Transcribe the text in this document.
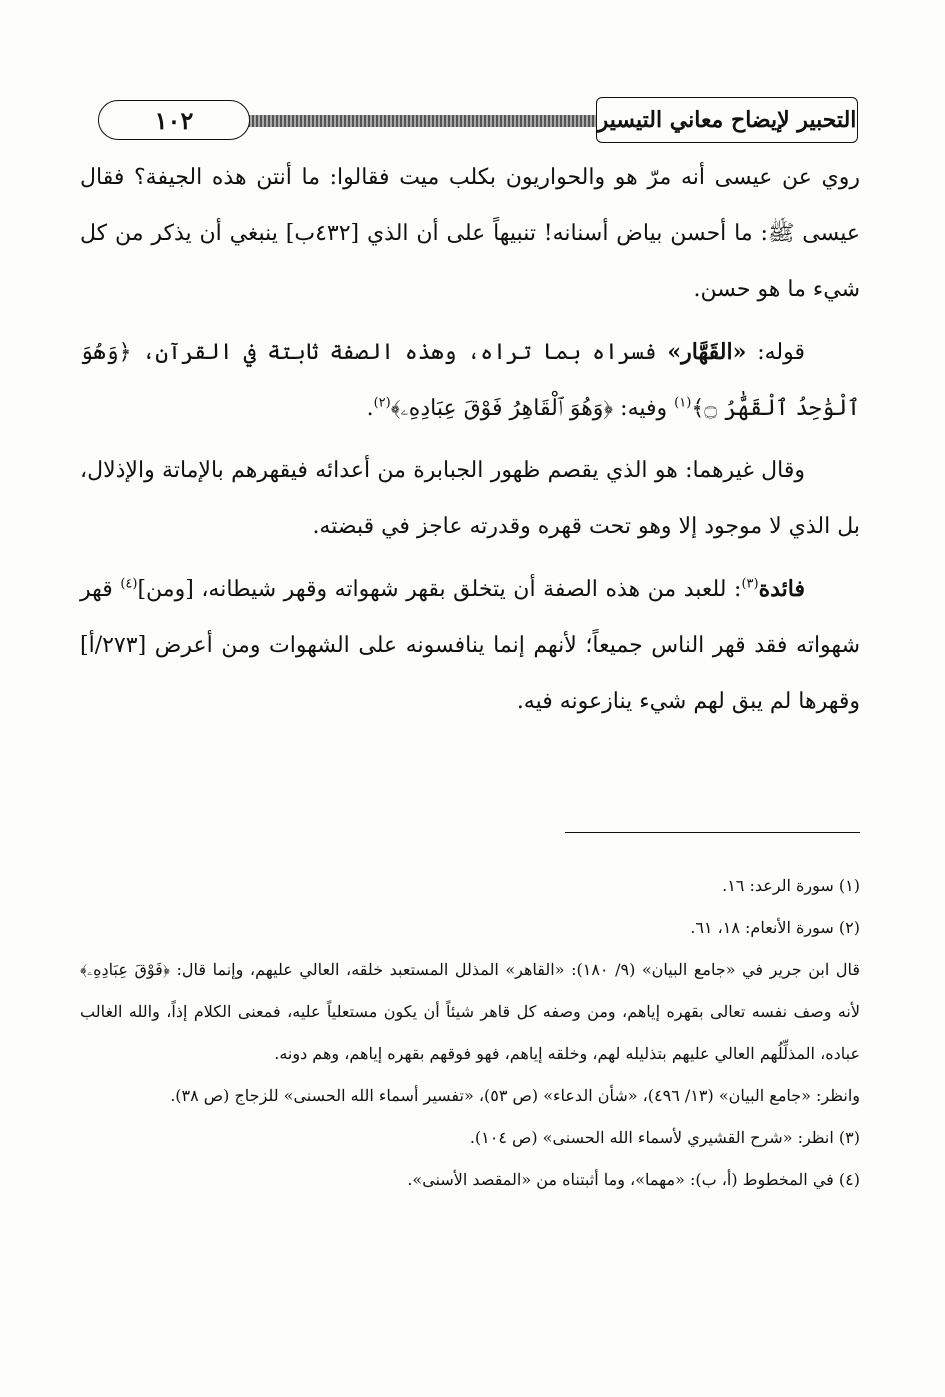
١٠٢	التحبير لإيضاح معاني التيسير

روي عن عيسى أنه مرّ هو والحواريون بكلب ميت فقالوا: ما أنتن هذه الجيفة؟ فقال عيسى ﷺ: ما أحسن بياض أسنانه! تنبيهاً على أن الذي [٤٣٢ب] ينبغي أن يذكر من كل شيء ما هو حسن.

قوله: «القَهَّار» فسراه بما تراه، وهذه الصفة ثابتة في القرآن، ﴿وَهُوَ ٱلْوَٰحِدُ ٱلْقَهَّٰرُ ۝﴾$^{(١)}$ وفيه: ﴿وَهُوَ ٱلْقَاهِرُ فَوْقَ عِبَادِهِۦ﴾$^{(٢)}$.

وقال غيرهما: هو الذي يقصم ظهور الجبابرة من أعدائه فيقهرهم بالإماتة والإذلال، بل الذي لا موجود إلا وهو تحت قهره وقدرته عاجز في قبضته.

فائدة$^{(٣)}$: للعبد من هذه الصفة أن يتخلق بقهر شهواته وقهر شيطانه، [ومن]$^{(٤)}$ قهر شهواته فقد قهر الناس جميعاً؛ لأنهم إنما ينافسونه على الشهوات ومن أعرض [٢٧٣/أ] وقهرها لم يبق لهم شيء ينازعونه فيه.

(١) سورة الرعد: ١٦.

(٢) سورة الأنعام: ١٨، ٦١.

قال ابن جرير في «جامع البيان» (٩/ ١٨٠): «القاهر» المذلل المستعبد خلقه، العالي عليهم، وإنما قال: ﴿فَوْقَ عِبَادِهِۦ﴾ لأنه وصف نفسه تعالى بقهره إياهم، ومن وصفه كل قاهر شيئاً أن يكون مستعلياً عليه، فمعنى الكلام إذاً، والله الغالب عباده، المذلِّلُهم العالي عليهم بتذليله لهم، وخلقه إياهم، فهو فوقهم بقهره إياهم، وهم دونه.

وانظر: «جامع البيان» (١٣/ ٤٩٦)، «شأن الدعاء» (ص ٥٣)، «تفسير أسماء الله الحسنى» للزجاج (ص ٣٨).

(٣) انظر: «شرح القشيري لأسماء الله الحسنى» (ص ١٠٤).

(٤) في المخطوط (أ، ب): «مهما»، وما أثبتناه من «المقصد الأسنى».
